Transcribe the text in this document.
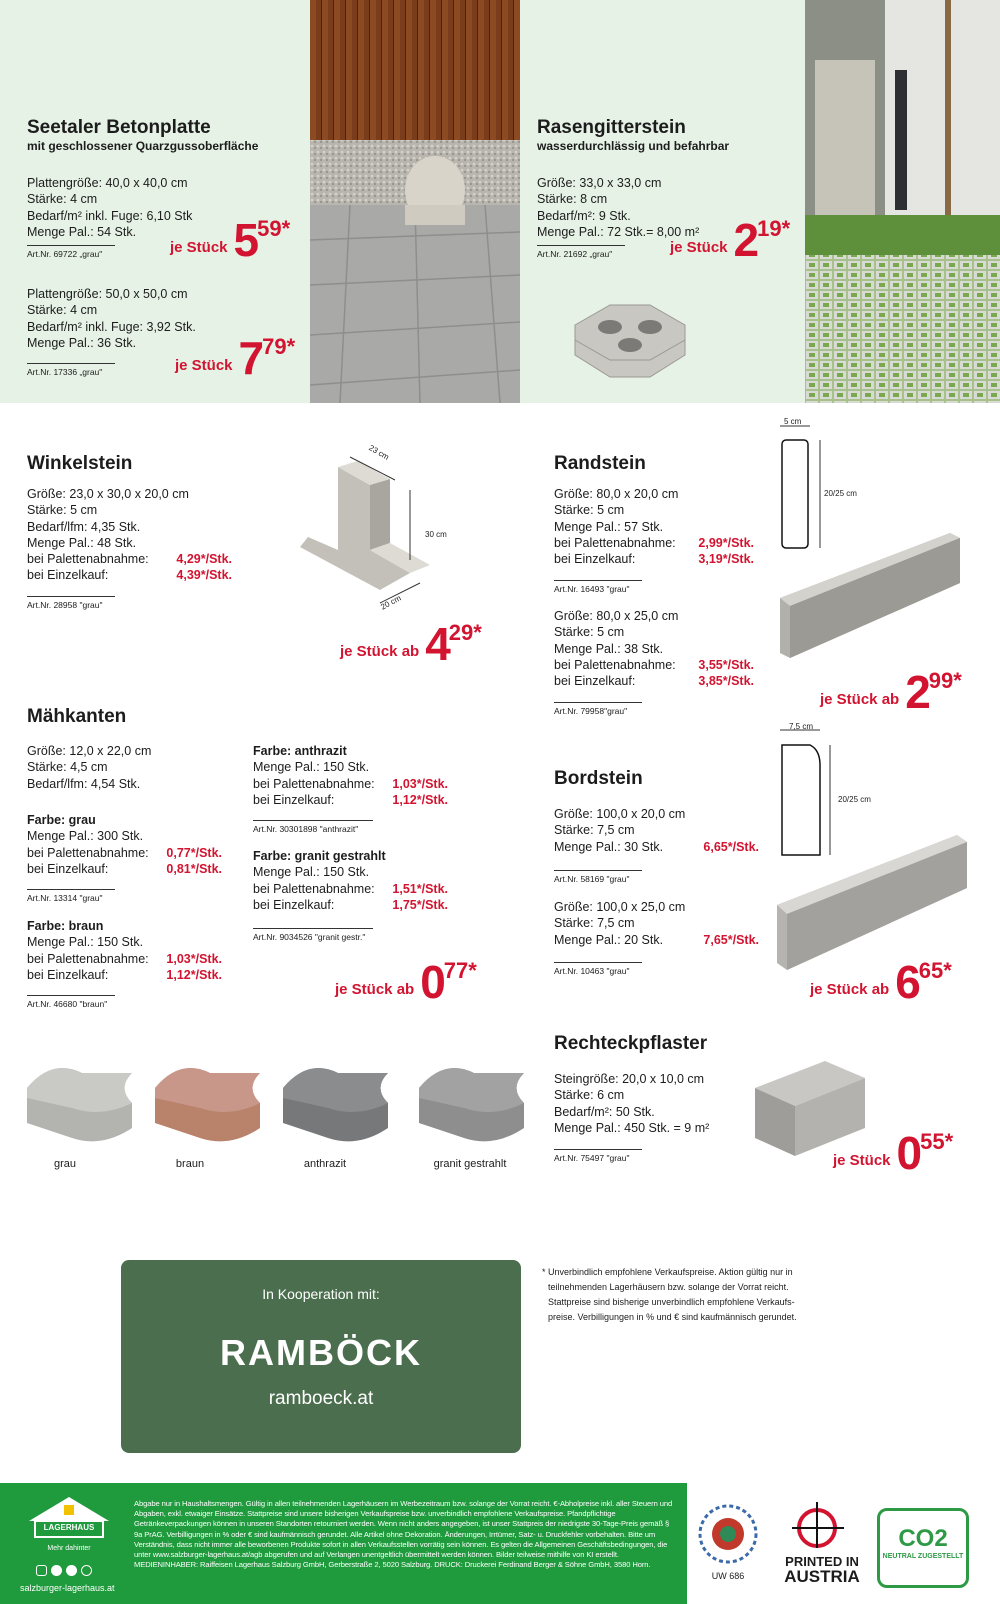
Seetaler Betonplatte
mit geschlossener Quarzgussoberfläche
Plattengröße: 40,0 x 40,0 cm
Stärke: 4 cm
Bedarf/m² inkl. Fuge: 6,10 Stk
Menge Pal.: 54 Stk.
Art.Nr. 69722 „grau"	je Stück 5 59*
Plattengröße: 50,0 x 50,0 cm
Stärke: 4 cm
Bedarf/m² inkl. Fuge: 3,92 Stk.
Menge Pal.: 36 Stk.
Art.Nr. 17336 „grau"	je Stück 7 79*
Rasengitterstein
wasserdurchlässig und befahrbar
Größe: 33,0 x 33,0 cm
Stärke: 8 cm
Bedarf/m²: 9 Stk.
Menge Pal.: 72 Stk.= 8,00 m²
Art.Nr. 21692 „grau"	je Stück 2 19*
Winkelstein
Größe: 23,0 x 30,0 x 20,0 cm
Stärke: 5 cm
Bedarf/lfm: 4,35 Stk.
Menge Pal.: 48 Stk.
bei Palettenabnahme: 4,29*/Stk.
bei Einzelkauf:	4,39*/Stk.
Art.Nr. 28958 "grau"
23 cm
30 cm
20 cm
je Stück ab 4 29*
Randstein
Größe: 80,0 x 20,0 cm
Stärke: 5 cm
Menge Pal.: 57 Stk.
bei Palettenabnahme: 2,99*/Stk.
bei Einzelkauf:	3,19*/Stk.
Art.Nr. 16493 "grau"
Größe: 80,0 x 25,0 cm
Stärke: 5 cm
Menge Pal.: 38 Stk.
bei Palettenabnahme: 3,55*/Stk.
bei Einzelkauf:	3,85*/Stk.
Art.Nr. 79958"grau"
5 cm
20/25 cm
je Stück ab 2 99*
Mähkanten
Größe: 12,0 x 22,0 cm
Stärke: 4,5 cm
Bedarf/lfm: 4,54 Stk.
Farbe: grau
Menge Pal.: 300 Stk.
bei Palettenabnahme: 0,77*/Stk.
bei Einzelkauf:	0,81*/Stk.
Art.Nr. 13314 "grau"
Farbe: braun
Menge Pal.: 150 Stk.
bei Palettenabnahme: 1,03*/Stk.
bei Einzelkauf:	1,12*/Stk.
Art.Nr. 46680 "braun"
Farbe: anthrazit
Menge Pal.: 150 Stk.
bei Palettenabnahme: 1,03*/Stk.
bei Einzelkauf:	1,12*/Stk.
Art.Nr. 30301898 "anthrazit"
Farbe: granit gestrahlt
Menge Pal.: 150 Stk.
bei Palettenabnahme: 1,51*/Stk.
bei Einzelkauf:	1,75*/Stk.
Art.Nr. 9034526 "granit gestr."
je Stück ab 0 77*
grau	braun	anthrazit	granit gestrahlt
Bordstein
Größe: 100,0 x 20,0 cm
Stärke: 7,5 cm
Menge Pal.: 30 Stk.	6,65*/Stk.
Art.Nr. 58169 "grau"
Größe: 100,0 x 25,0 cm
Stärke: 7,5 cm
Menge Pal.: 20 Stk.	7,65*/Stk.
Art.Nr. 10463 "grau"
7,5 cm
20/25 cm
je Stück ab 6 65*
Rechteckpflaster
Steingröße: 20,0 x 10,0 cm
Stärke: 6 cm
Bedarf/m²: 50 Stk.
Menge Pal.: 450 Stk. = 9 m²
Art.Nr. 75497 "grau"	je Stück 0 55*
In Kooperation mit:
RAMBÖCK
ramboeck.at
* Unverbindlich empfohlene Verkaufspreise. Aktion gültig nur in
teilnehmenden Lagerhäusern bzw. solange der Vorrat reicht.
Stattpreise sind bisherige unverbindlich empfohlene Verkaufs-
preise. Verbilligungen in % und € sind kaufmännisch gerundet.
LAGERHAUS
Mehr dahinter
salzburger-lagerhaus.at
Abgabe nur in Haushaltsmengen. Gültig in allen teilnehmenden Lagerhäusern im Werbezeitraum bzw. solange der Vorrat reicht. €-Abholpreise inkl. aller Steuern und Abgaben, exkl. etwaiger Einsätze. Stattpreise sind unsere bisherigen Verkaufspreise bzw. unverbindlich empfohlene Verkaufspreise. Pfandpflichtige Getränkeverpackungen können in unseren Standorten retourniert werden. Wenn nicht anders angegeben, ist unser Stattpreis der niedrigste 30-Tage-Preis gemäß § 9a PrAG. Verbilligungen in % oder € sind kaufmännisch gerundet. Alle Artikel ohne Dekoration. Änderungen, Irrtümer, Satz- u. Druckfehler vorbehalten. Bitte um Verständnis, dass nicht immer alle beworbenen Produkte sofort in allen Verkaufsstellen vorrätig sein können. Es gelten die Allgemeinen Geschäftsbedingungen, die unter www.salzburger-lagerhaus.at/agb abgerufen und auf Verlangen unentgeltlich übermittelt werden können. Bilder teilweise mithilfe von KI erstellt. MEDIENINHABER: Raiffeisen Lagerhaus Salzburg GmbH, Gerberstraße 2, 5020 Salzburg. DRUCK: Druckerei Ferdinand Berger & Söhne GmbH, 3580 Horn.
UW 686
PRINTED IN
AUSTRIA
CO2
NEUTRAL ZUGESTELLT
